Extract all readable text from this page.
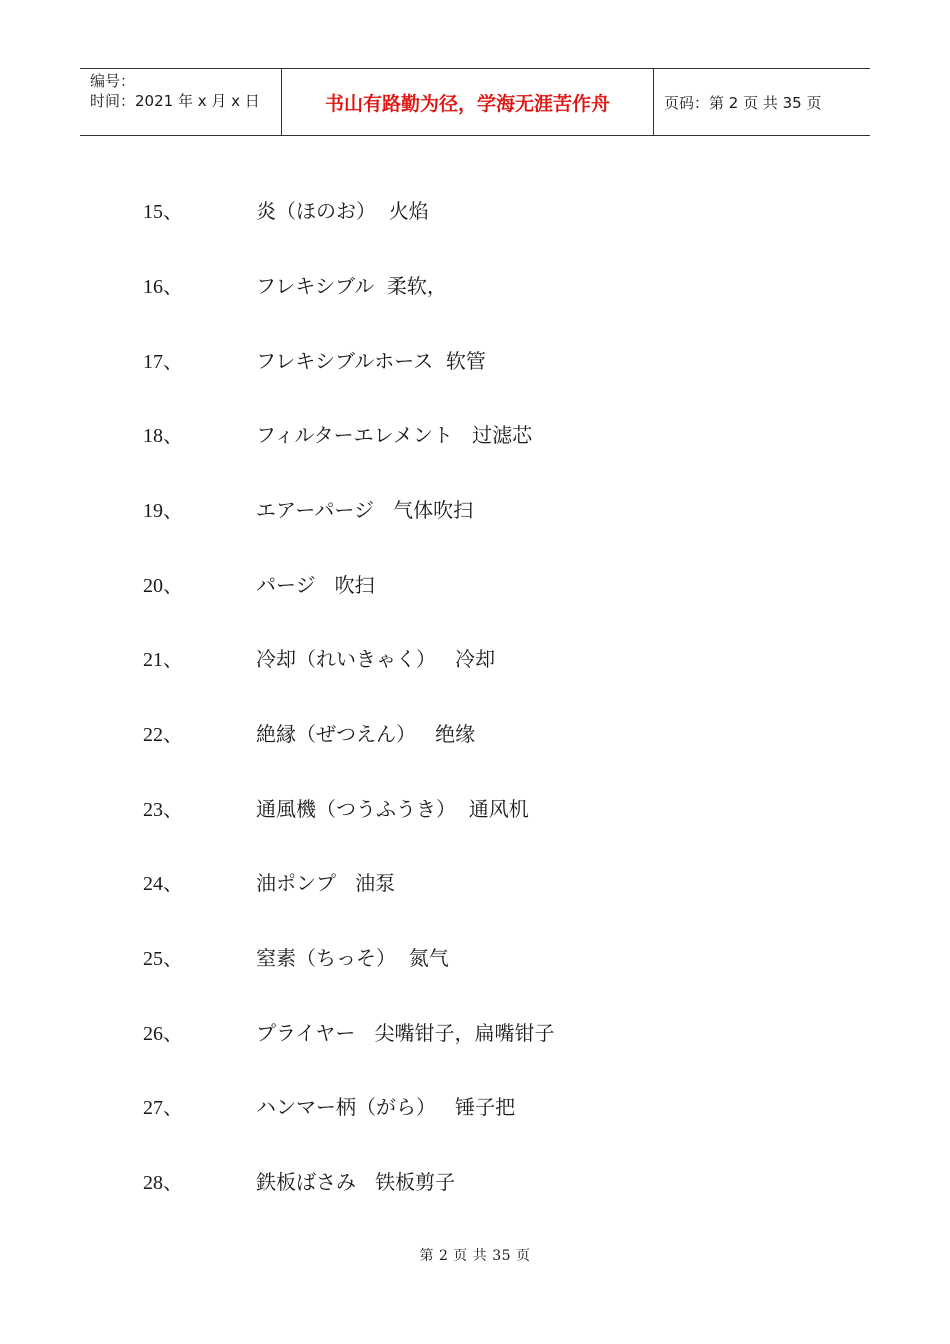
编号：
时间：2021 年 x 月 x 日	书山有路勤为径，学海无涯苦作舟	页码：第 2 页 共 35 页
15、	炎（ほのお）  火焰
16、	フレキシブル  柔软，
17、	フレキシブルホース  软管
18、	フィルターエレメント   过滤芯
19、	エアーパージ   气体吹扫
20、	パージ   吹扫
21、	冷却（れいきゃく）   冷却
22、	絶縁（ぜつえん）   绝缘
23、	通風機（つうふうき）  通风机
24、	油ポンプ   油泵
25、	窒素（ちっそ）  氮气
26、	プライヤー   尖嘴钳子，扁嘴钳子
27、	ハンマー柄（がら）   锤子把
28、	鉄板ばさみ   铁板剪子
第 2 页 共 35 页
